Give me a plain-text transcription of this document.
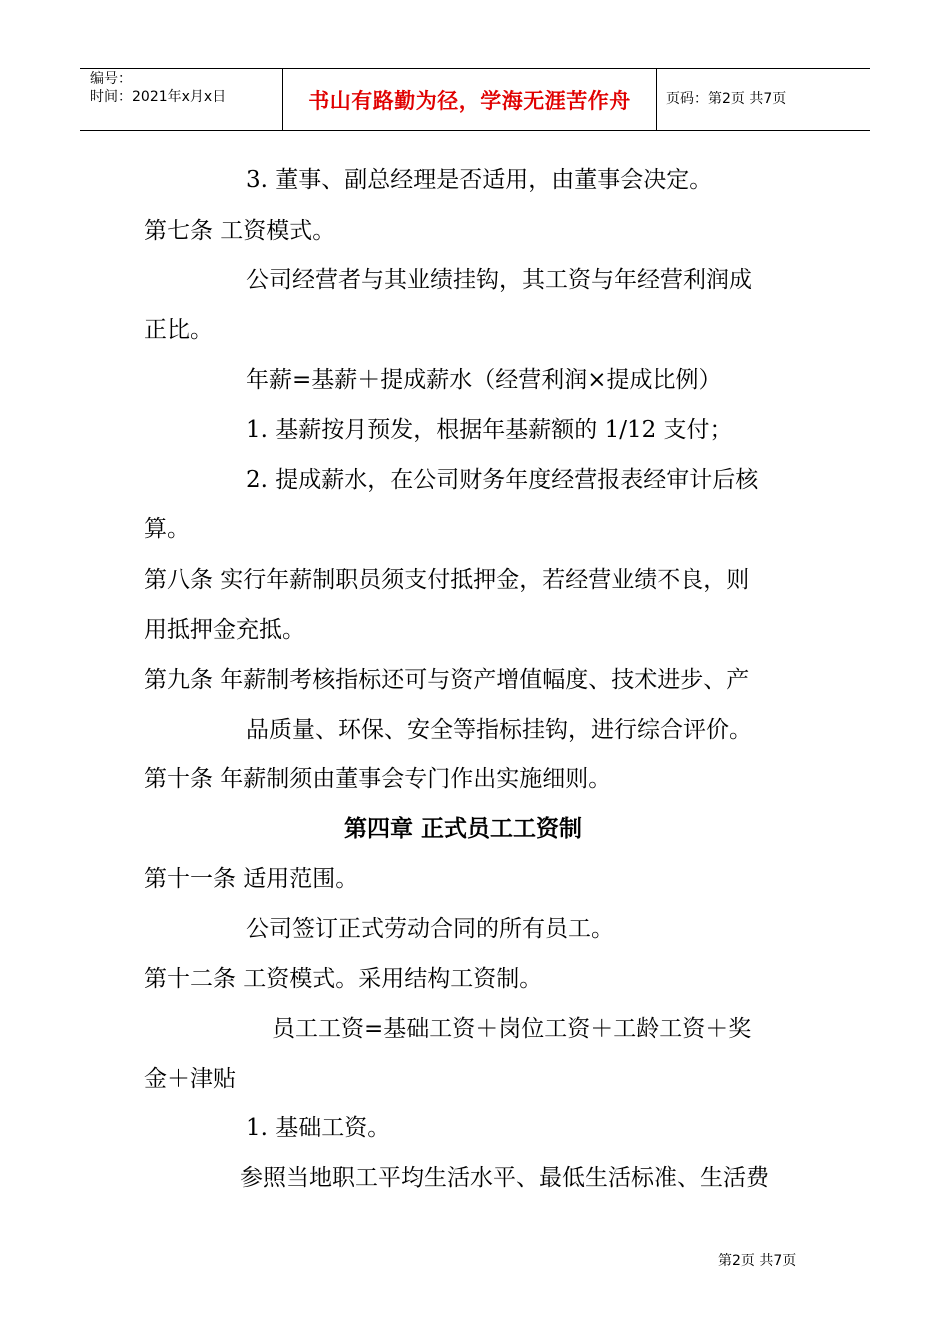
编号：
时间：2021年x月x日	书山有路勤为径，学海无涯苦作舟	页码：第2页 共7页
3. 董事、副总经理是否适用，由董事会决定。
第七条 工资模式。
公司经营者与其业绩挂钩，其工资与年经营利润成
正比。
年薪=基薪＋提成薪水（经营利润×提成比例）
1. 基薪按月预发，根据年基薪额的 1/12 支付；
2. 提成薪水，在公司财务年度经营报表经审计后核
算。
第八条 实行年薪制职员须支付抵押金，若经营业绩不良，则
用抵押金充抵。
第九条 年薪制考核指标还可与资产增值幅度、技术进步、产
品质量、环保、安全等指标挂钩，进行综合评价。
第十条 年薪制须由董事会专门作出实施细则。
第四章 正式员工工资制
第十一条 适用范围。
公司签订正式劳动合同的所有员工。
第十二条 工资模式。采用结构工资制。
员工工资=基础工资＋岗位工资＋工龄工资＋奖
金＋津贴
1. 基础工资。
参照当地职工平均生活水平、最低生活标准、生活费
第2页 共7页
